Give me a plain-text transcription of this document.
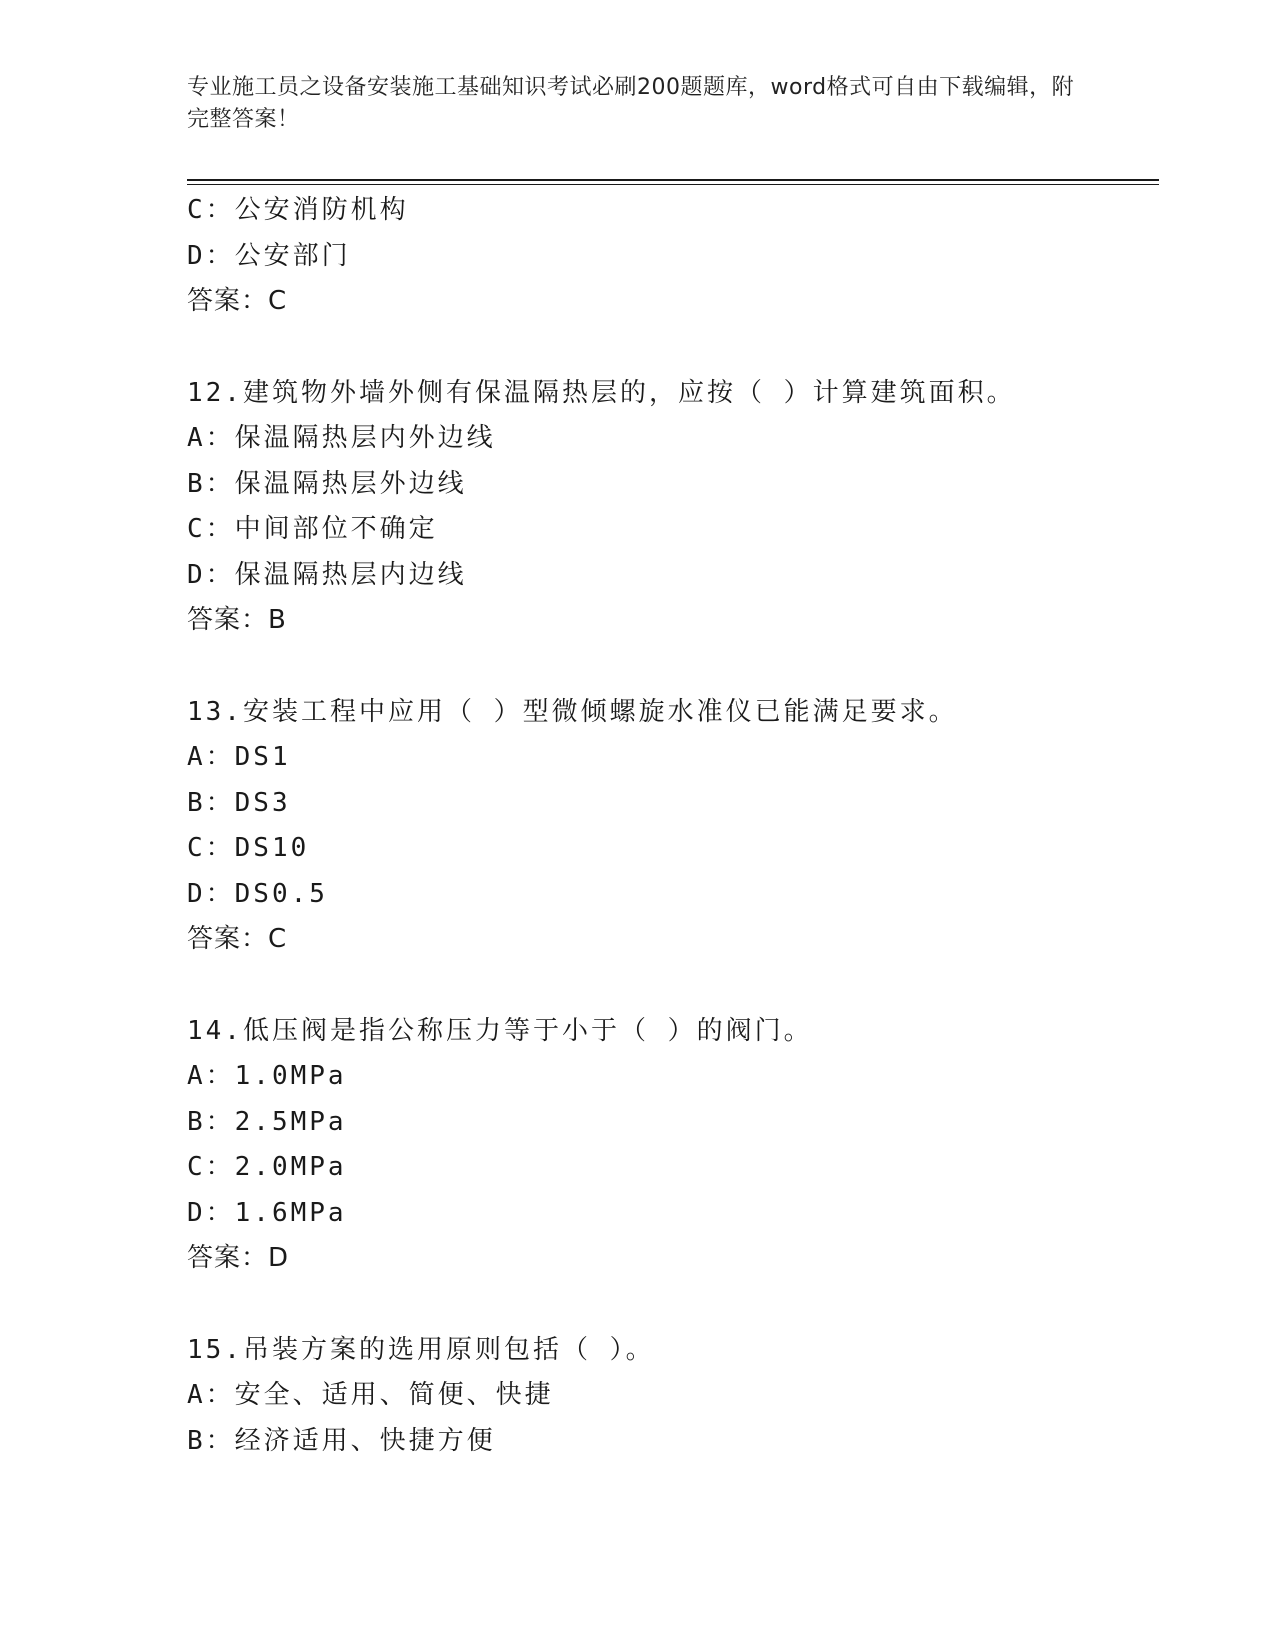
专业施工员之设备安装施工基础知识考试必刷200题题库，word格式可自由下载编辑，附完整答案！
C：公安消防机构
D：公安部门
答案：C
12.建筑物外墙外侧有保温隔热层的，应按（ ）计算建筑面积。
A：保温隔热层内外边线
B：保温隔热层外边线
C：中间部位不确定
D：保温隔热层内边线
答案：B
13.安装工程中应用（ ）型微倾螺旋水准仪已能满足要求。
A：DS1
B：DS3
C：DS10
D：DS0.5
答案：C
14.低压阀是指公称压力等于小于（ ）的阀门。
A：1.0MPa
B：2.5MPa
C：2.0MPa
D：1.6MPa
答案：D
15.吊装方案的选用原则包括（ ）。
A：安全、适用、简便、快捷
B：经济适用、快捷方便
